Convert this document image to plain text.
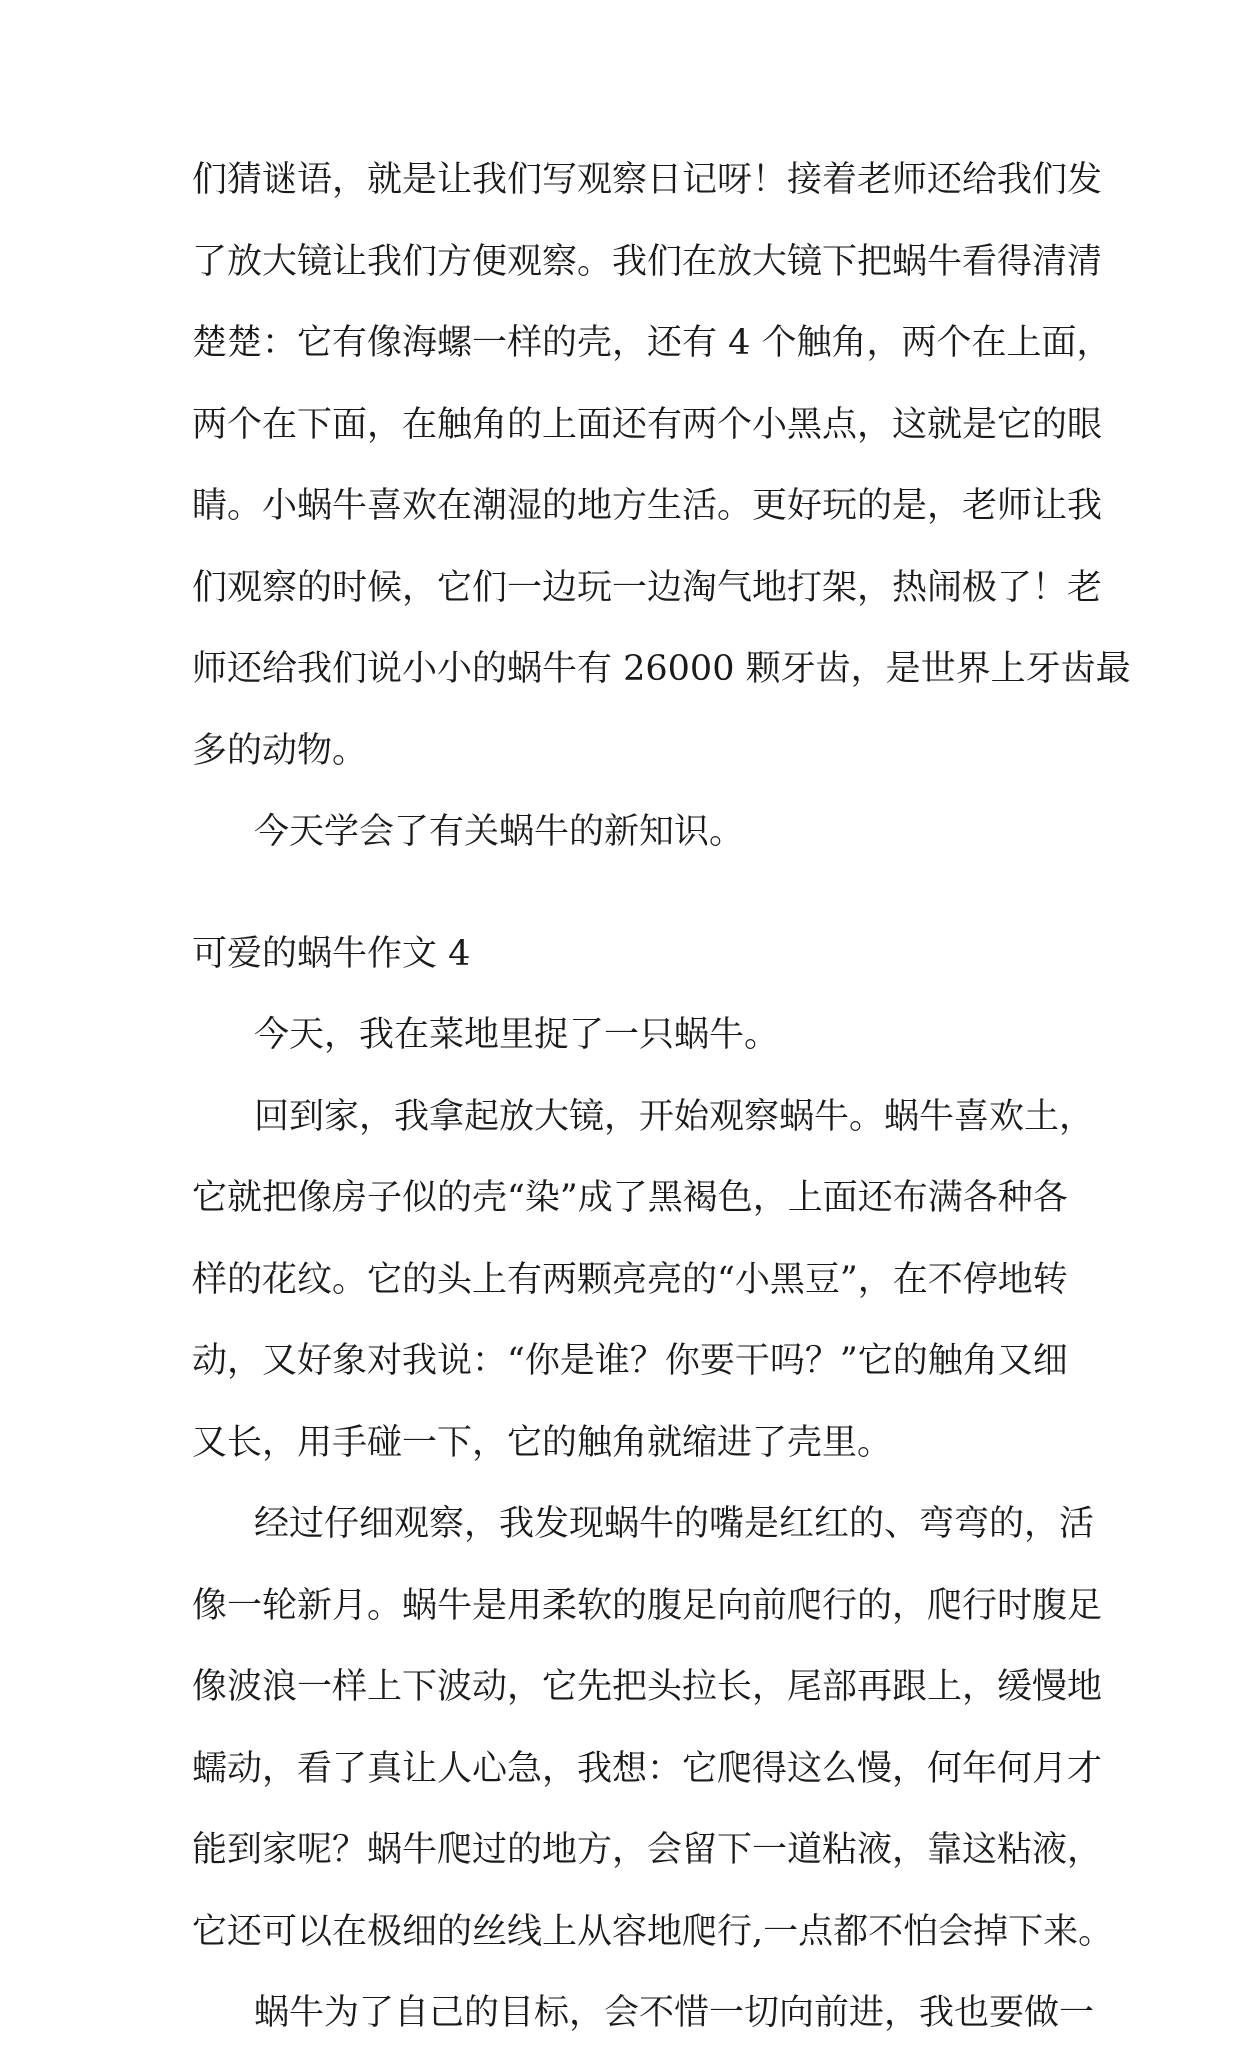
们猜谜语，就是让我们写观察日记呀！接着老师还给我们发
了放大镜让我们方便观察。我们在放大镜下把蜗牛看得清清
楚楚：它有像海螺一样的壳，还有 4 个触角，两个在上面，
两个在下面，在触角的上面还有两个小黑点，这就是它的眼
睛。小蜗牛喜欢在潮湿的地方生活。更好玩的是，老师让我
们观察的时候，它们一边玩一边淘气地打架，热闹极了！老
师还给我们说小小的蜗牛有 26000 颗牙齿，是世界上牙齿最
多的动物。
今天学会了有关蜗牛的新知识。
可爱的蜗牛作文 4
今天，我在菜地里捉了一只蜗牛。
回到家，我拿起放大镜，开始观察蜗牛。蜗牛喜欢土，
它就把像房子似的壳“染”成了黑褐色，上面还布满各种各
样的花纹。它的头上有两颗亮亮的“小黑豆”，在不停地转
动，又好象对我说：“你是谁？你要干吗？”它的触角又细
又长，用手碰一下，它的触角就缩进了壳里。
经过仔细观察，我发现蜗牛的嘴是红红的、弯弯的，活
像一轮新月。蜗牛是用柔软的腹足向前爬行的，爬行时腹足
像波浪一样上下波动，它先把头拉长，尾部再跟上，缓慢地
蠕动，看了真让人心急，我想：它爬得这么慢，何年何月才
能到家呢？蜗牛爬过的地方，会留下一道粘液，靠这粘液，
它还可以在极细的丝线上从容地爬行,一点都不怕会掉下来。
蜗牛为了自己的目标，会不惜一切向前进，我也要做一
